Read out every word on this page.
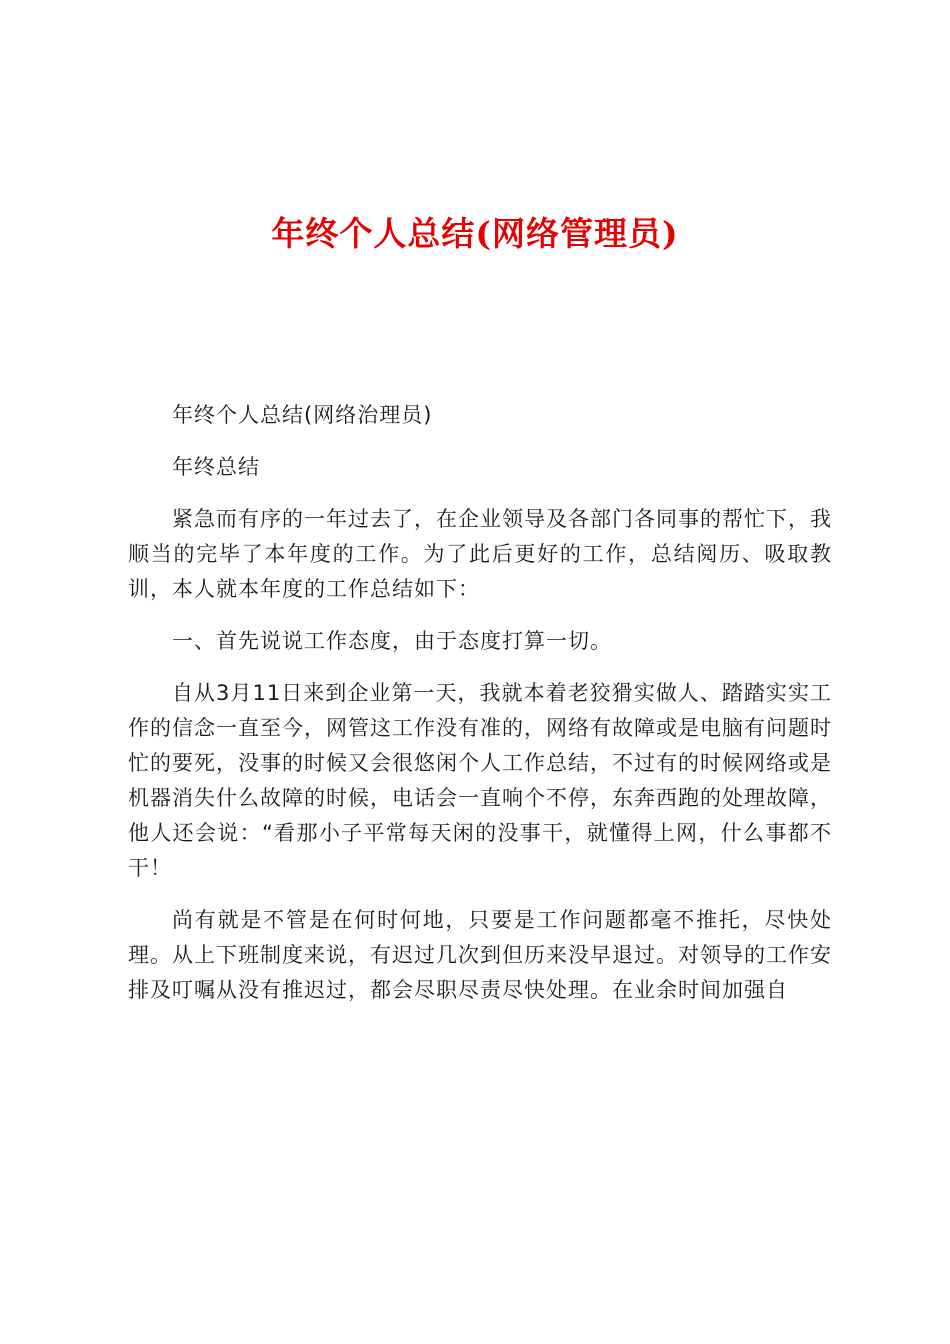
年终个人总结(网络管理员)

年终个人总结(网络治理员)

年终总结

紧急而有序的一年过去了，在企业领导及各部门各同事的帮忙下，我顺当的完毕了本年度的工作。为了此后更好的工作，总结阅历、吸取教训，本人就本年度的工作总结如下：

一、首先说说工作态度，由于态度打算一切。

自从3月11日来到企业第一天，我就本着老狡猾实做人、踏踏实实工作的信念一直至今，网管这工作没有准的，网络有故障或是电脑有问题时忙的要死，没事的时候又会很悠闲个人工作总结，不过有的时候网络或是机器消失什么故障的时候，电话会一直响个不停，东奔西跑的处理故障，他人还会说：“看那小子平常每天闲的没事干，就懂得上网，什么事都不干！

尚有就是不管是在何时何地，只要是工作问题都毫不推托，尽快处理。从上下班制度来说，有迟过几次到但历来没早退过。对领导的工作安排及叮嘱从没有推迟过，都会尽职尽责尽快处理。在业余时间加强自
